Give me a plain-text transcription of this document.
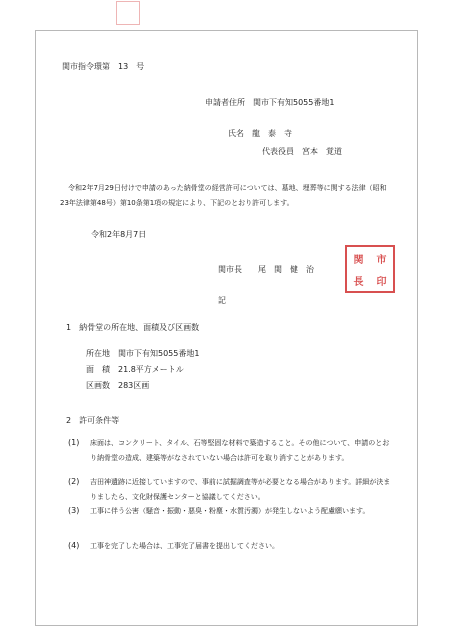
関市指令環第　13　号
申請者住所　関市下有知5055番地1
氏名　龍　泰　寺
代表役員　宮本　覚道
令和2年7月29日付けで申請のあった納骨堂の経営許可については、墓地、埋葬等に関する法律（昭和23年法律第48号）第10条第1項の規定により、下記のとおり許可します。
令和2年8月7日
関市長　　尾　関　健　治
関	市
長	印
記
1　納骨堂の所在地、面積及び区画数
所在地　関市下有知5055番地1
面　積　21.8平方メートル
区画数　283区画
2　許可条件等
(1) 床面は、コンクリート、タイル、石等堅固な材料で築造すること。その他について、申請のとおり納骨堂の造成、建築等がなされていない場合は許可を取り消すことがあります。
(2) 吉田神遺跡に近接していますので、事前に試掘調査等が必要となる場合があります。詳細が決まりましたら、文化財保護センターと協議してください。
(3) 工事に伴う公害（騒音・振動・悪臭・粉塵・水質汚濁）が発生しないよう配慮願います。
(4) 工事を完了した場合は、工事完了届書を提出してください。
